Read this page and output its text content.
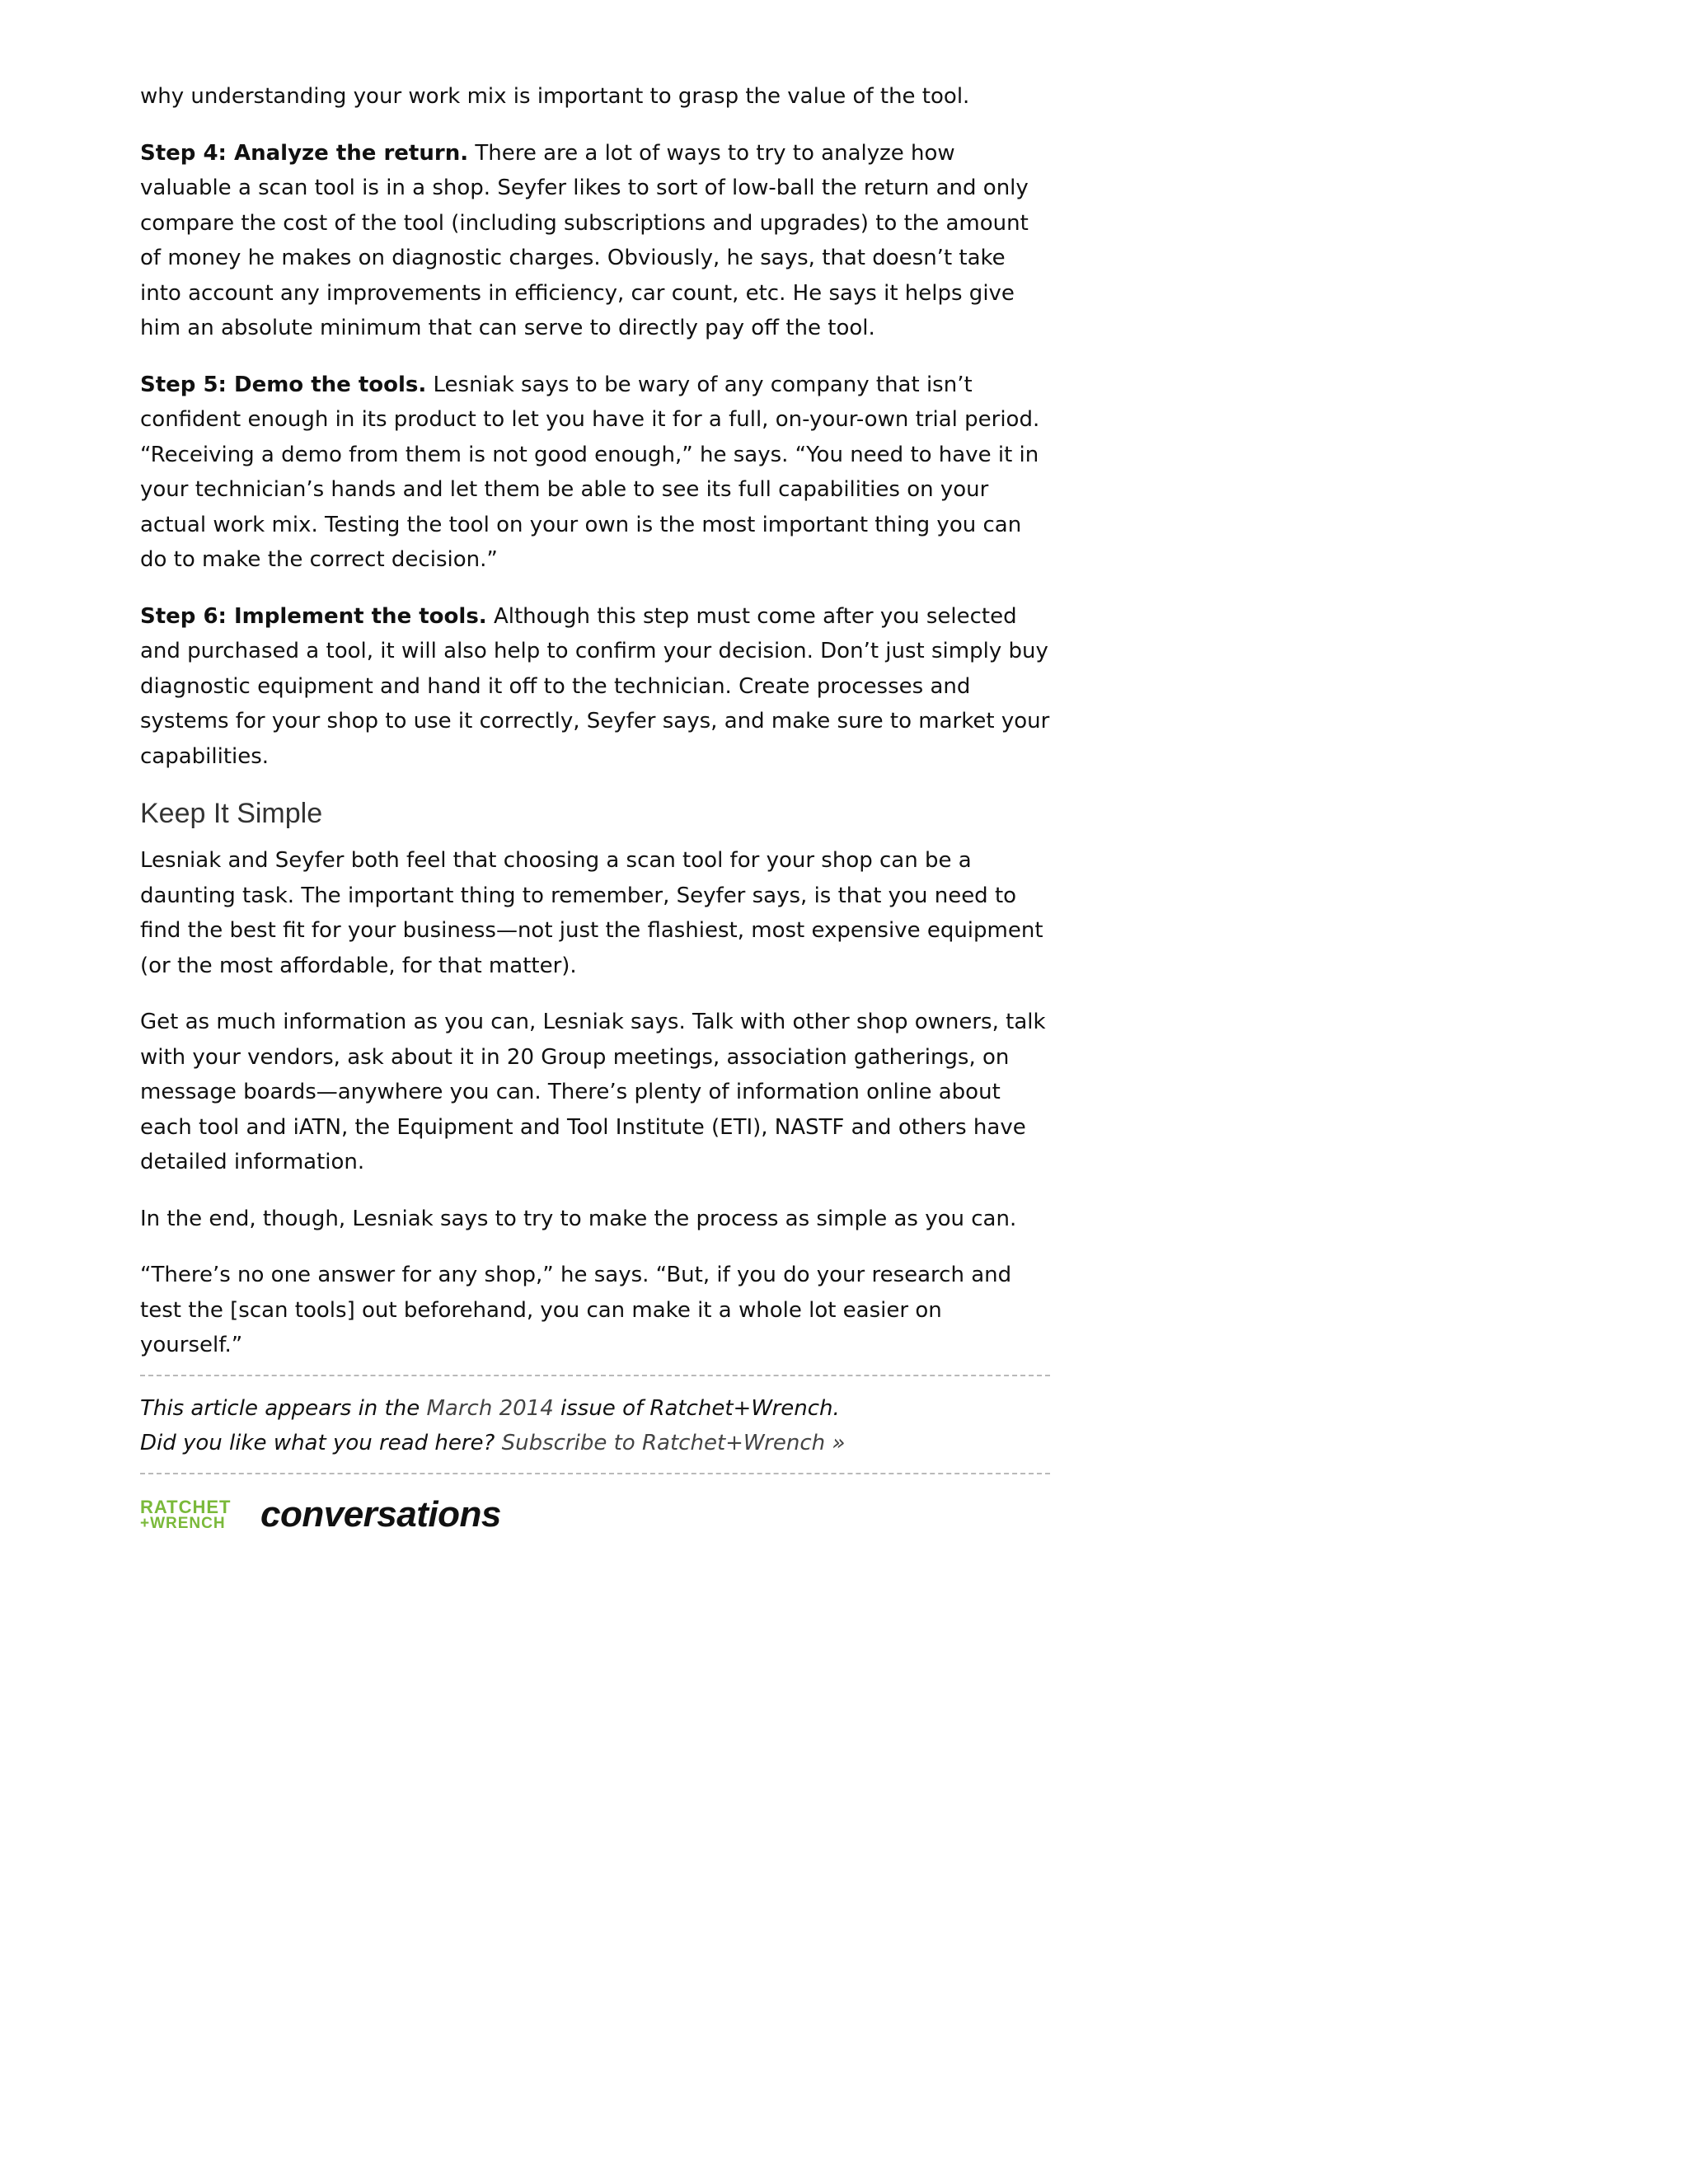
why understanding your work mix is important to grasp the value of the tool.

Step 4: Analyze the return. There are a lot of ways to try to analyze how valuable a scan tool is in a shop. Seyfer likes to sort of low-ball the return and only compare the cost of the tool (including subscriptions and upgrades) to the amount of money he makes on diagnostic charges. Obviously, he says, that doesn’t take into account any improvements in efficiency, car count, etc. He says it helps give him an absolute minimum that can serve to directly pay off the tool.

Step 5: Demo the tools. Lesniak says to be wary of any company that isn’t confident enough in its product to let you have it for a full, on-your-own trial period. “Receiving a demo from them is not good enough,” he says. “You need to have it in your technician’s hands and let them be able to see its full capabilities on your actual work mix. Testing the tool on your own is the most important thing you can do to make the correct decision.”

Step 6: Implement the tools. Although this step must come after you selected and purchased a tool, it will also help to confirm your decision. Don’t just simply buy diagnostic equipment and hand it off to the technician. Create processes and systems for your shop to use it correctly, Seyfer says, and make sure to market your capabilities.

Keep It Simple

Lesniak and Seyfer both feel that choosing a scan tool for your shop can be a daunting task. The important thing to remember, Seyfer says, is that you need to find the best fit for your business—not just the flashiest, most expensive equipment (or the most affordable, for that matter).

Get as much information as you can, Lesniak says. Talk with other shop owners, talk with your vendors, ask about it in 20 Group meetings, association gatherings, on message boards—anywhere you can. There’s plenty of information online about each tool and iATN, the Equipment and Tool Institute (ETI), NASTF and others have detailed information.

In the end, though, Lesniak says to try to make the process as simple as you can.

“There’s no one answer for any shop,” he says. “But, if you do your research and test the [scan tools] out beforehand, you can make it a whole lot easier on yourself.”

This article appears in the March 2014 issue of Ratchet+Wrench.
Did you like what you read here? Subscribe to Ratchet+Wrench »
RATCHET
+WRENCH conversations
